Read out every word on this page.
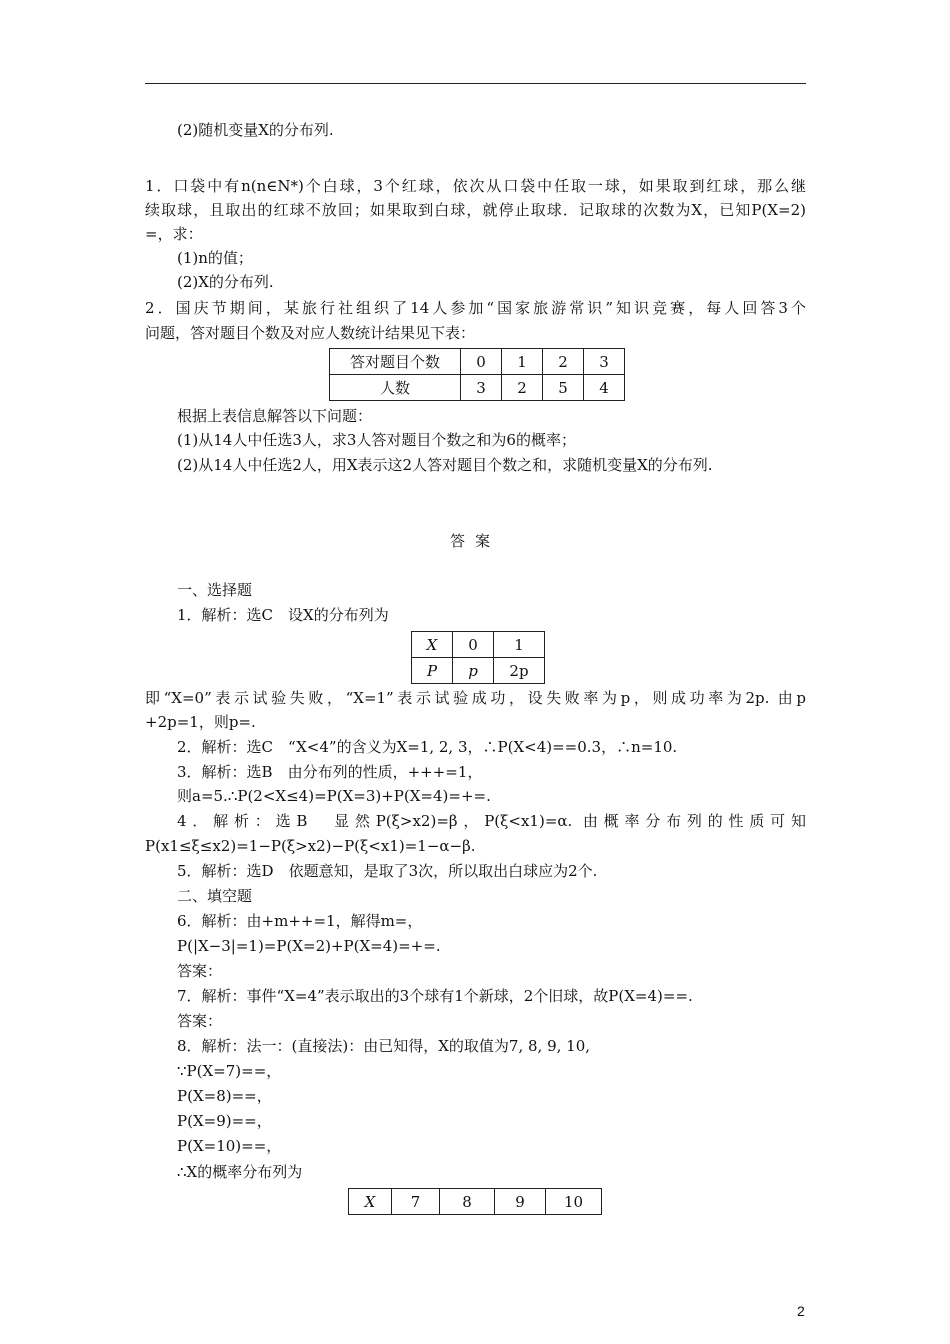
(2)随机变量X的分布列.
1．口袋中有n(n∈N*)个白球，3个红球，依次从口袋中任取一球，如果取到红球，那么继
续取球，且取出的红球不放回；如果取到白球，就停止取球．记取球的次数为X，已知P(X=2)
=，求：
(1)n的值；
(2)X的分布列.
2．国庆节期间，某旅行社组织了14人参加“国家旅游常识”知识竞赛，每人回答3个
问题，答对题目个数及对应人数统计结果见下表：
答对题目个数	0	1	2	3
人数	3	2	5	4
根据上表信息解答以下问题：
(1)从14人中任选3人，求3人答对题目个数之和为6的概率；
(2)从14人中任选2人，用X表示这2人答对题目个数之和，求随机变量X的分布列.
答案
一、选择题
1．解析：选C　设X的分布列为
X	0	1
P	p	2p
即“X=0”表示试验失败，“X=1”表示试验成功，设失败率为p，则成功率为2p. 由p
+2p=1，则p=.
2．解析：选C　“X<4”的含义为X=1, 2, 3，∴P(X<4)==0.3，∴n=10.
3．解析：选B　由分布列的性质，+++=1，
则a=5.∴P(2<X≤4)=P(X=3)+P(X=4)=+=.
4．解析：选B　显然P(ξ>x2)=β，P(ξ<x1)=α. 由概率分布列的性质可知
P(x1≤ξ≤x2)=1−P(ξ>x2)−P(ξ<x1)=1−α−β.
5．解析：选D　依题意知，是取了3次，所以取出白球应为2个.
二、填空题
6．解析：由+m++=1，解得m=，
P(|X−3|=1)=P(X=2)+P(X=4)=+=.
答案：
7．解析：事件“X=4”表示取出的3个球有1个新球，2个旧球，故P(X=4)==.
答案：
8．解析：法一：(直接法)：由已知得，X的取值为7, 8, 9, 10,
∵P(X=7)==，
P(X=8)==，
P(X=9)==，
P(X=10)==，
∴X的概率分布列为
X	7	8	9	10
2
